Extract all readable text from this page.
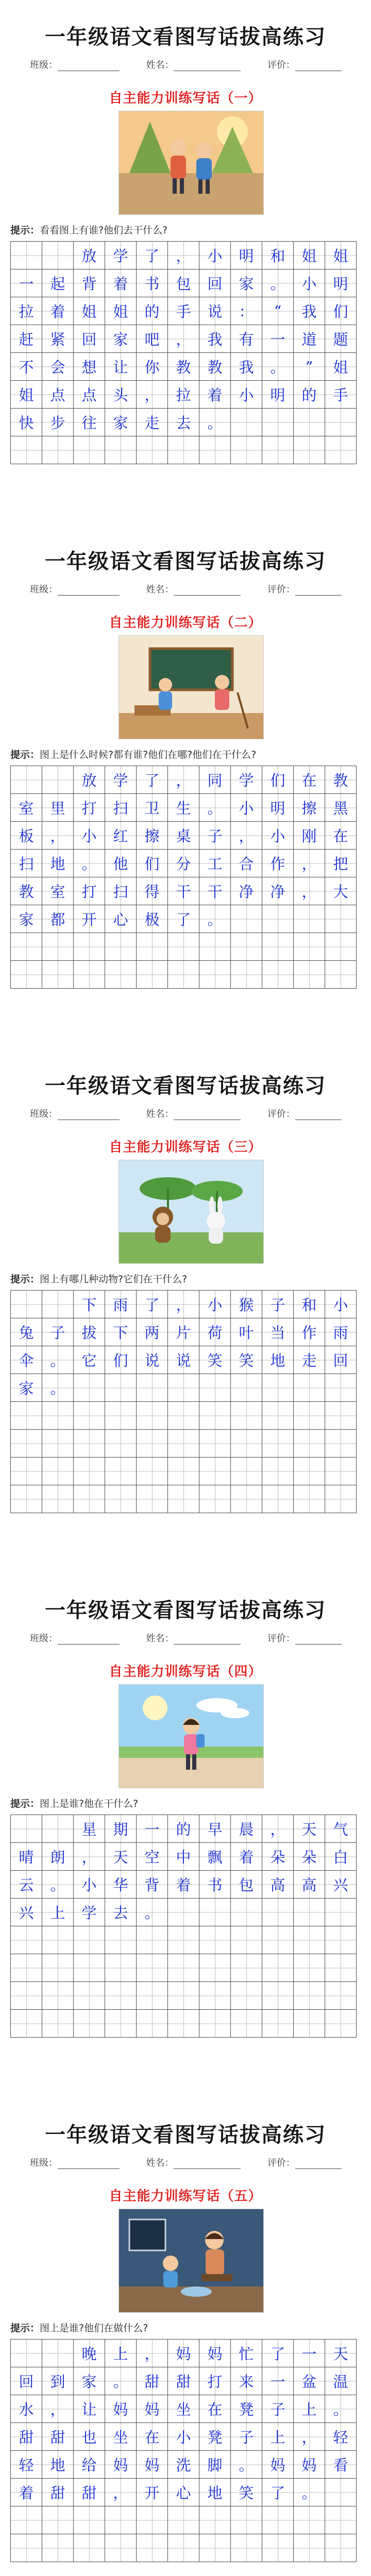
一年级语文看图写话拔高练习
班级：	姓名：	评价：
自主能力训练写话（一）
提示：看看图上有谁?他们去干什么?
　	　	放	学	了	，	小	明	和	姐	姐
一	起	背	着	书	包	回	家	。	小	明
拉	着	姐	姐	的	手	说	：	“	我	们
赶	紧	回	家	吧	，	我	有	一	道	题
不	会	想	让	你	教	教	我	。	”	姐
姐	点	点	头	，	拉	着	小	明	的	手
快	步	往	家	走	去	。				

一年级语文看图写话拔高练习
班级：	姓名：	评价：
自主能力训练写话（二）
提示：图上是什么时候?都有谁?他们在哪?他们在干什么?
　	　	放	学	了	，	同	学	们	在	教
室	里	打	扫	卫	生	。	小	明	擦	黑
板	，	小	红	擦	桌	子	，	小	刚	在
扫	地	。	他	们	分	工	合	作	，	把
教	室	打	扫	得	干	干	净	净	，	大
家	都	开	心	极	了	。				

一年级语文看图写话拔高练习
班级：	姓名：	评价：
自主能力训练写话（三）
提示：图上有哪几种动物?它们在干什么?
　	　	下	雨	了	，	小	猴	子	和	小
兔	子	拔	下	两	片	荷	叶	当	作	雨
伞	。	它	们	说	说	笑	笑	地	走	回
家	。									

一年级语文看图写话拔高练习
班级：	姓名：	评价：
自主能力训练写话（四）
提示：图上是谁?他在干什么?
　	　	星	期	一	的	早	晨	，	天	气
晴	朗	，	天	空	中	飘	着	朵	朵	白
云	。	小	华	背	着	书	包	高	高	兴
兴	上	学	去	。						

一年级语文看图写话拔高练习
班级：	姓名：	评价：
自主能力训练写话（五）
提示：图上是谁?他们在做什么?
　	　	晚	上	，	妈	妈	忙	了	一	天
回	到	家	。	甜	甜	打	来	一	盆	温
水	，	让	妈	妈	坐	在	凳	子	上	。
甜	甜	也	坐	在	小	凳	子	上	，	轻
轻	地	给	妈	妈	洗	脚	。	妈	妈	看
着	甜	甜	，	开	心	地	笑	了	。	
